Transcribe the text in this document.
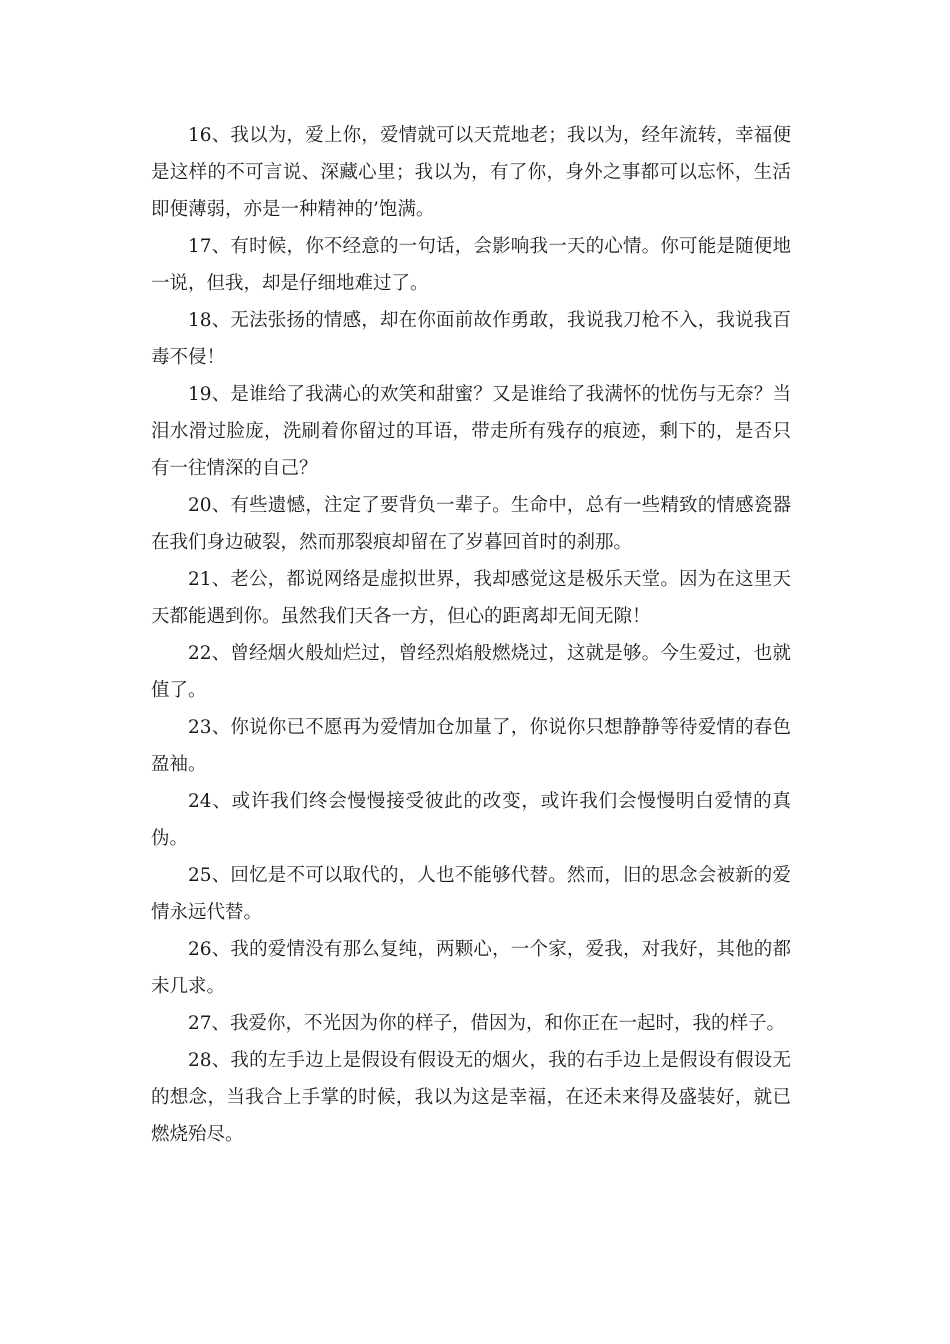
16、我以为，爱上你，爱情就可以天荒地老；我以为，经年流转，幸福便是这样的不可言说、深藏心里；我以为，有了你，身外之事都可以忘怀，生活即便薄弱，亦是一种精神的’饱满。

17、有时候，你不经意的一句话，会影响我一天的心情。你可能是随便地一说，但我，却是仔细地难过了。

18、无法张扬的情感，却在你面前故作勇敢，我说我刀枪不入，我说我百毒不侵！

19、是谁给了我满心的欢笑和甜蜜？又是谁给了我满怀的忧伤与无奈？当泪水滑过脸庞，洗刷着你留过的耳语，带走所有残存的痕迹，剩下的，是否只有一往情深的自己？

20、有些遗憾，注定了要背负一辈子。生命中，总有一些精致的情感瓷器在我们身边破裂，然而那裂痕却留在了岁暮回首时的刹那。

21、老公，都说网络是虚拟世界，我却感觉这是极乐天堂。因为在这里天天都能遇到你。虽然我们天各一方，但心的距离却无间无隙！

22、曾经烟火般灿烂过，曾经烈焰般燃烧过，这就是够。今生爱过，也就值了。

23、你说你已不愿再为爱情加仓加量了，你说你只想静静等待爱情的春色盈袖。

24、或许我们终会慢慢接受彼此的改变，或许我们会慢慢明白爱情的真伪。

25、回忆是不可以取代的，人也不能够代替。然而，旧的思念会被新的爱情永远代替。

26、我的爱情没有那么复纯，两颗心，一个家，爱我，对我好，其他的都未几求。

27、我爱你，不光因为你的样子，借因为，和你正在一起时，我的样子。

28、我的左手边上是假设有假设无的烟火，我的右手边上是假设有假设无的想念，当我合上手掌的时候，我以为这是幸福，在还未来得及盛装好，就已燃烧殆尽。
